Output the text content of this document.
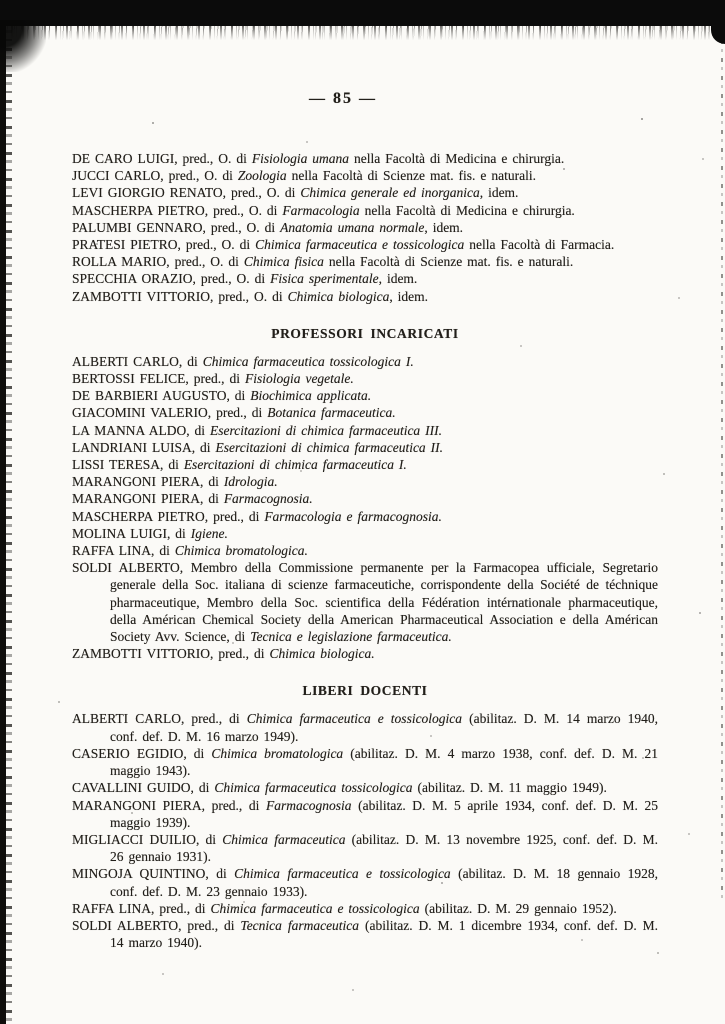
— 85 —

DE CARO LUIGI, pred., O. di Fisiologia umana nella Facoltà di Medicina e chirurgia.

JUCCI CARLO, pred., O. di Zoologia nella Facoltà di Scienze mat. fis. e naturali.

LEVI GIORGIO RENATO, pred., O. di Chimica generale ed inorganica, idem.

MASCHERPA PIETRO, pred., O. di Farmacologia nella Facoltà di Medicina e chirurgia.

PALUMBI GENNARO, pred., O. di Anatomia umana normale, idem.

PRATESI PIETRO, pred., O. di Chimica farmaceutica e tossicologica nella Facoltà di Farmacia.

ROLLA MARIO, pred., O. di Chimica fisica nella Facoltà di Scienze mat. fis. e naturali.

SPECCHIA ORAZIO, pred., O. di Fisica sperimentale, idem.

ZAMBOTTI VITTORIO, pred., O. di Chimica biologica, idem.

PROFESSORI INCARICATI

ALBERTI CARLO, di Chimica farmaceutica tossicologica I.

BERTOSSI FELICE, pred., di Fisiologia vegetale.

DE BARBIERI AUGUSTO, di Biochimica applicata.

GIACOMINI VALERIO, pred., di Botanica farmaceutica.

LA MANNA ALDO, di Esercitazioni di chimica farmaceutica III.

LANDRIANI LUISA, di Esercitazioni di chimica farmaceutica II.

LISSI TERESA, di Esercitazioni di chimica farmaceutica I.

MARANGONI PIERA, di Idrologia.

MARANGONI PIERA, di Farmacognosia.

MASCHERPA PIETRO, pred., di Farmacologia e farmacognosia.

MOLINA LUIGI, di Igiene.

RAFFA LINA, di Chimica bromatologica.

SOLDI ALBERTO, Membro della Commissione permanente per la Farmacopea ufficiale, Segretario generale della Soc. italiana di scienze farmaceutiche, corrispondente della Société de téchnique pharmaceutique, Membro della Soc. scientifica della Fédération intérnationale pharmaceutique, della Américan Chemical Society della American Pharmaceutical Association e della Américan Society Avv. Science, di Tecnica e legislazione farmaceutica.

ZAMBOTTI VITTORIO, pred., di Chimica biologica.

LIBERI DOCENTI

ALBERTI CARLO, pred., di Chimica farmaceutica e tossicologica (abilitaz. D. M. 14 marzo 1940, conf. def. D. M. 16 marzo 1949).

CASERIO EGIDIO, di Chimica bromatologica (abilitaz. D. M. 4 marzo 1938, conf. def. D. M. 21 maggio 1943).

CAVALLINI GUIDO, di Chimica farmaceutica tossicologica (abilitaz. D. M. 11 maggio 1949).

MARANGONI PIERA, pred., di Farmacognosia (abilitaz. D. M. 5 aprile 1934, conf. def. D. M. 25 maggio 1939).

MIGLIACCI DUILIO, di Chimica farmaceutica (abilitaz. D. M. 13 novembre 1925, conf. def. D. M. 26 gennaio 1931).

MINGOJA QUINTINO, di Chimica farmaceutica e tossicologica (abilitaz. D. M. 18 gennaio 1928, conf. def. D. M. 23 gennaio 1933).

RAFFA LINA, pred., di Chimica farmaceutica e tossicologica (abilitaz. D. M. 29 gennaio 1952).

SOLDI ALBERTO, pred., di Tecnica farmaceutica (abilitaz. D. M. 1 dicembre 1934, conf. def. D. M. 14 marzo 1940).
